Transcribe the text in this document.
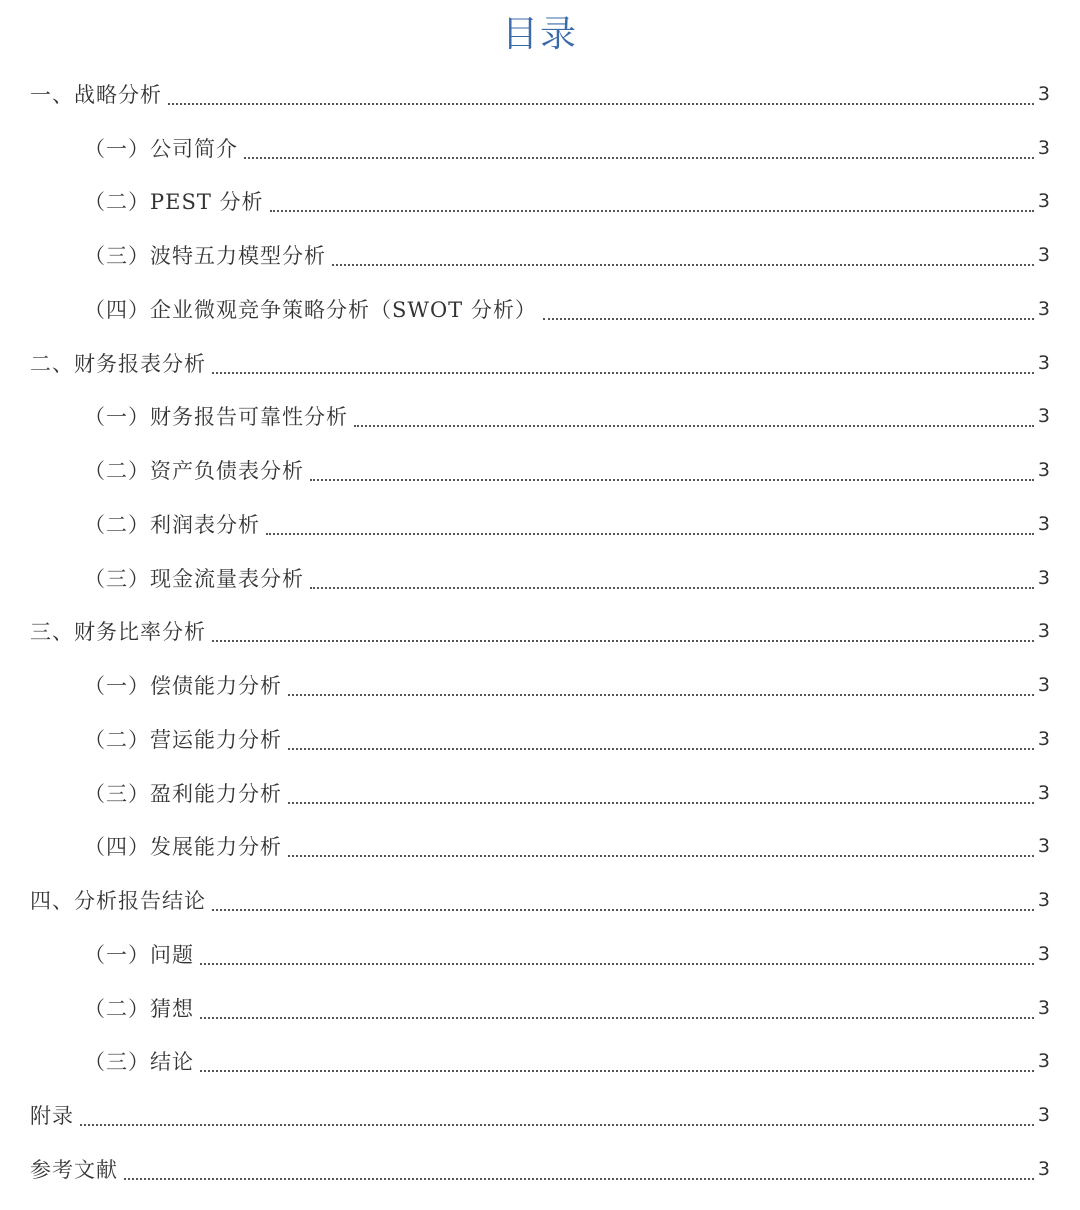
目录
一、战略分析	3
（一）公司简介	3
（二）PEST 分析	3
（三）波特五力模型分析	3
（四）企业微观竞争策略分析（SWOT 分析）	3
二、财务报表分析	3
（一）财务报告可靠性分析	3
（二）资产负债表分析	3
（二）利润表分析	3
（三）现金流量表分析	3
三、财务比率分析	3
（一）偿债能力分析	3
（二）营运能力分析	3
（三）盈利能力分析	3
（四）发展能力分析	3
四、分析报告结论	3
（一）问题	3
（二）猜想	3
（三）结论	3
附录	3
参考文献	3
